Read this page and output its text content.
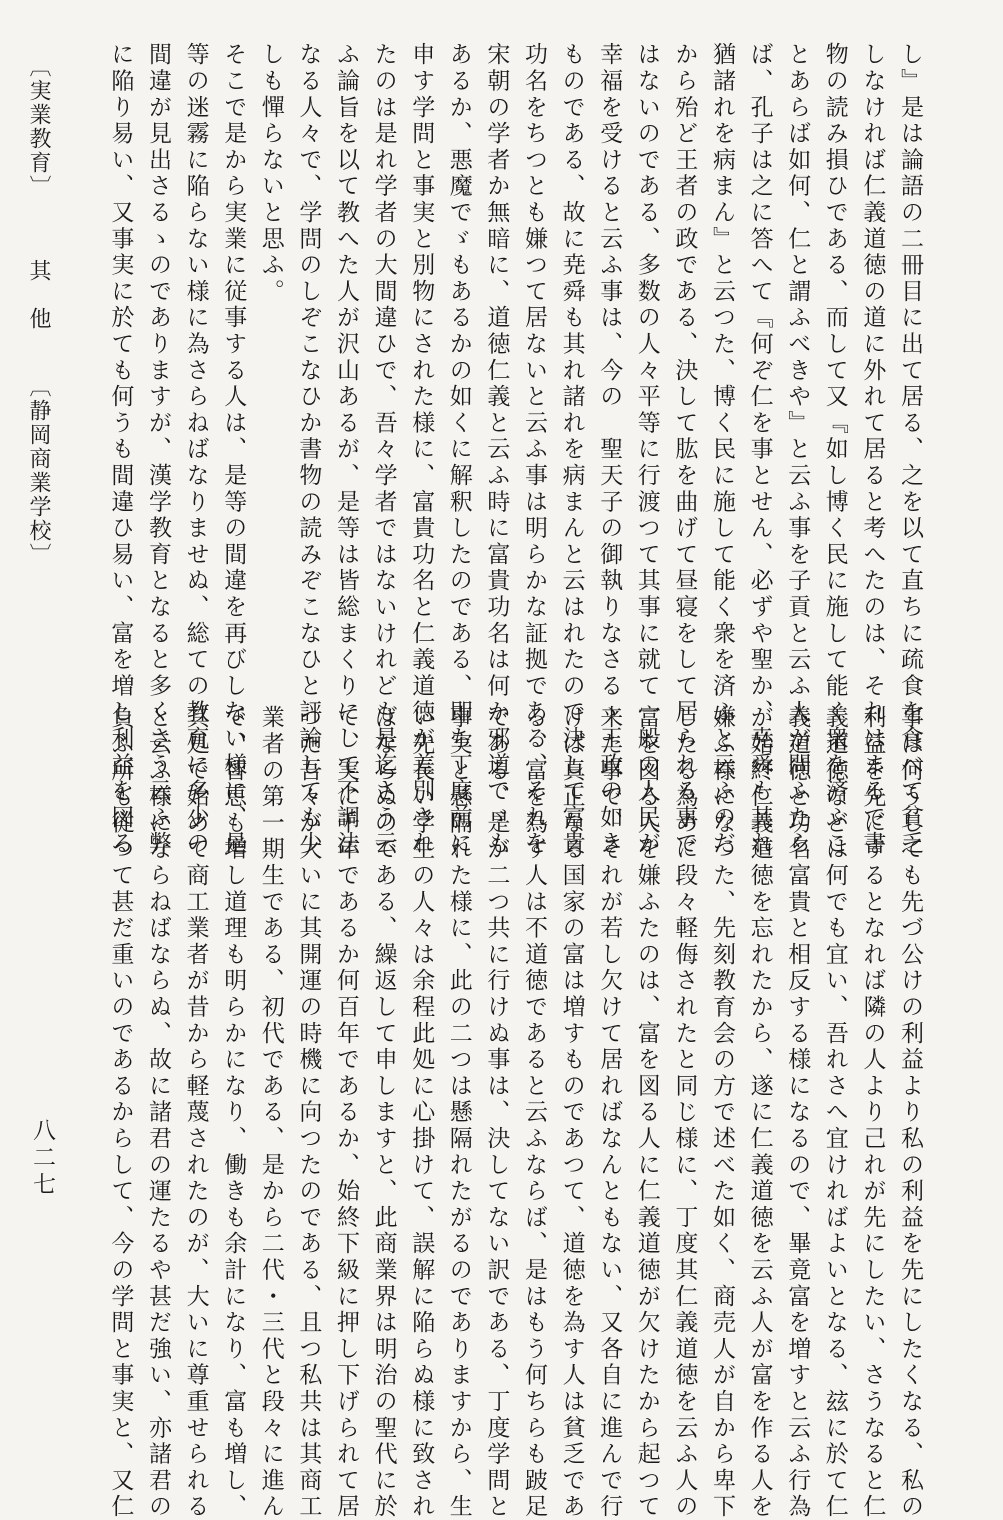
〔実業教育〕其　他〔静岡商業学校〕
八二七
し』是は論語の二冊目に出て居る、之を以て直ちに疏食を食べて貧乏
しなければ仁義道徳の道に外れて居ると考へたのは、それはまるで書
物の読み損ひである、而して又『如し博く民に施して能く衆を済ふこ
とあらば如何、仁と謂ふべきや』と云ふ事を子貢と云ふ人が問ふたら
ば、孔子は之に答へて『何ぞ仁を事とせん、必ずや聖か、尭舜も其れ
猶諸れを病まん』と云つた、博く民に施して能く衆を済ふと云ふのだ
から殆ど王者の政である、決して肱を曲げて昼寝をして居られる事で
はないのである、多数の人々平等に行渡つて其事に就て一般の人民が
幸福を受けると云ふ事は、今の　聖天子の御執りなさるゝ王政の如き
ものである、故に尭舜も其れ諸れを病まんと云はれたので決して富貴
功名をちつとも嫌つて居ないと云ふ事は明らかな証拠である、それを
宋朝の学者か無暗に、道徳仁義と云ふ時に富貴功名は何か邪道でゞも
あるか、悪魔でゞもあるかの如くに解釈したのである、即ち丁度前に
申す学問と事実と別物にされた様に、富貴功名と仁義道徳が差別され
たのは是れ学者の大間違ひで、吾々学者ではないけれども是迄さう云
ふ論旨を以て教へた人が沢山あるが、是等は皆総まくりにして不調法
なる人々で、学問のしぞこなひか書物の読みぞこなひと評論しても少
しも憚らないと思ふ。
そこで是から実業に従事する人は、是等の間違を再びしない様に、是
等の迷霧に陥らない様に為さらねばなりませぬ、総ての教育に多少の
間違が見出さるゝのでありますが、漢学教育となると多くさう云ふ弊
に陥り易い、又事実に於ても何うも間違ひ易い、富を増し利益を図る
事は何うしても先づ公けの利益より私の利益を先にしたくなる、私の
利益を先にするとなれば隣の人より己れが先にしたい、さうなると仁
義道徳などは何でも宜い、吾れさへ宜ければよいとなる、玆に於て仁
義道徳と功名富貴と相反する様になるので、畢竟富を増すと云ふ行為
が始終仁義道徳を忘れたから、遂に仁義道徳を云ふ人が富を作る人を
嫌ふ様になつた、先刻教育会の方で述べた如く、商売人が自から卑下
したる為めに段々軽侮されたと同じ様に、丁度其仁義道徳を云ふ人の
富を図る人を嫌ふたのは、富を図る人に仁義道徳が欠けたから起つて
来た事で、それが若し欠けて居ればなんともない、又各自に進んで行
けば真正なる国家の富は増すものであつて、道徳を為す人は貧乏であ
る、富を為す人は不道徳であると云ふならば、是はもう何ちらも跛足
である、是が二つ共に行けぬ事は、決してない訳である、丁度学問と
事実と懸隔れた様に、此の二つは懸隔れたがるのでありますから、生
い先長い学生の人々は余程此処に心掛けて、誤解に陥らぬ様に致され
ばならぬのである、繰返して申しますと、此商業界は明治の聖代に於
て、実に千年であるか何百年であるか、始終下級に押し下げられて居
つた吾々が大いに其開運の時機に向つたのである、且つ私共は其商工
業者の第一期生である、初代である、是から二代・三代と段々に進ん
で、智恵も増し道理も明らかになり、働きも余計になり、富も増し、
其処で始めて商工業者が昔から軽蔑されたのが、大いに尊重せられる
と云ふ様にならねばならぬ、故に諸君の運たるや甚だ強い、亦諸君の
負ふ所も従つて甚だ重いのであるからして、今の学問と事実と、又仁
